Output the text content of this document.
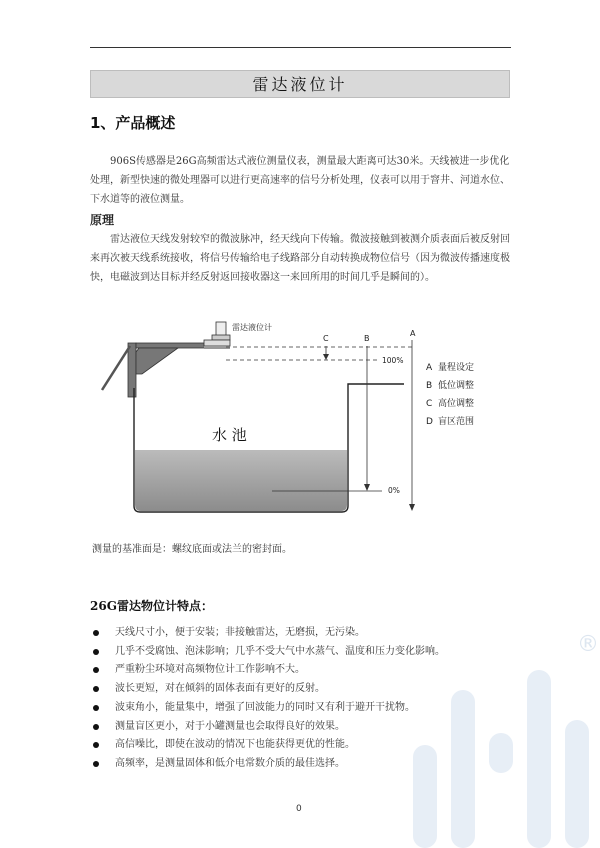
雷达液位计
1、产品概述
906S传感器是26G高频雷达式液位测量仪表，测量最大距离可达30米。天线被进一步优化处理，新型快速的微处理器可以进行更高速率的信号分析处理，仪表可以用于窨井、河道水位、下水道等的液位测量。
原理
雷达液位天线发射较窄的微波脉冲，经天线向下传输。微波接触到被测介质表面后被反射回来再次被天线系统接收，将信号传输给电子线路部分自动转换成物位信号（因为微波传播速度极快，电磁波到达目标并经反射返回接收器这一来回所用的时间几乎是瞬间的）。
雷达液位计
水 池
C	B
A
100%
0%
A 量程设定
B 低位调整
C 高位调整
D 盲区范围
测量的基准面是：螺纹底面或法兰的密封面。
26G雷达物位计特点：
天线尺寸小，便于安装；非接触雷达，无磨损，无污染。
几乎不受腐蚀、泡沫影响；几乎不受大气中水蒸气、温度和压力变化影响。
严重粉尘环境对高频物位计工作影响不大。
波长更短，对在倾斜的固体表面有更好的反射。
波束角小，能量集中，增强了回波能力的同时又有利于避开干扰物。
测量盲区更小，对于小罐测量也会取得良好的效果。
高信噪比，即使在波动的情况下也能获得更优的性能。
高频率，是测量固体和低介电常数介质的最佳选择。
®
0
